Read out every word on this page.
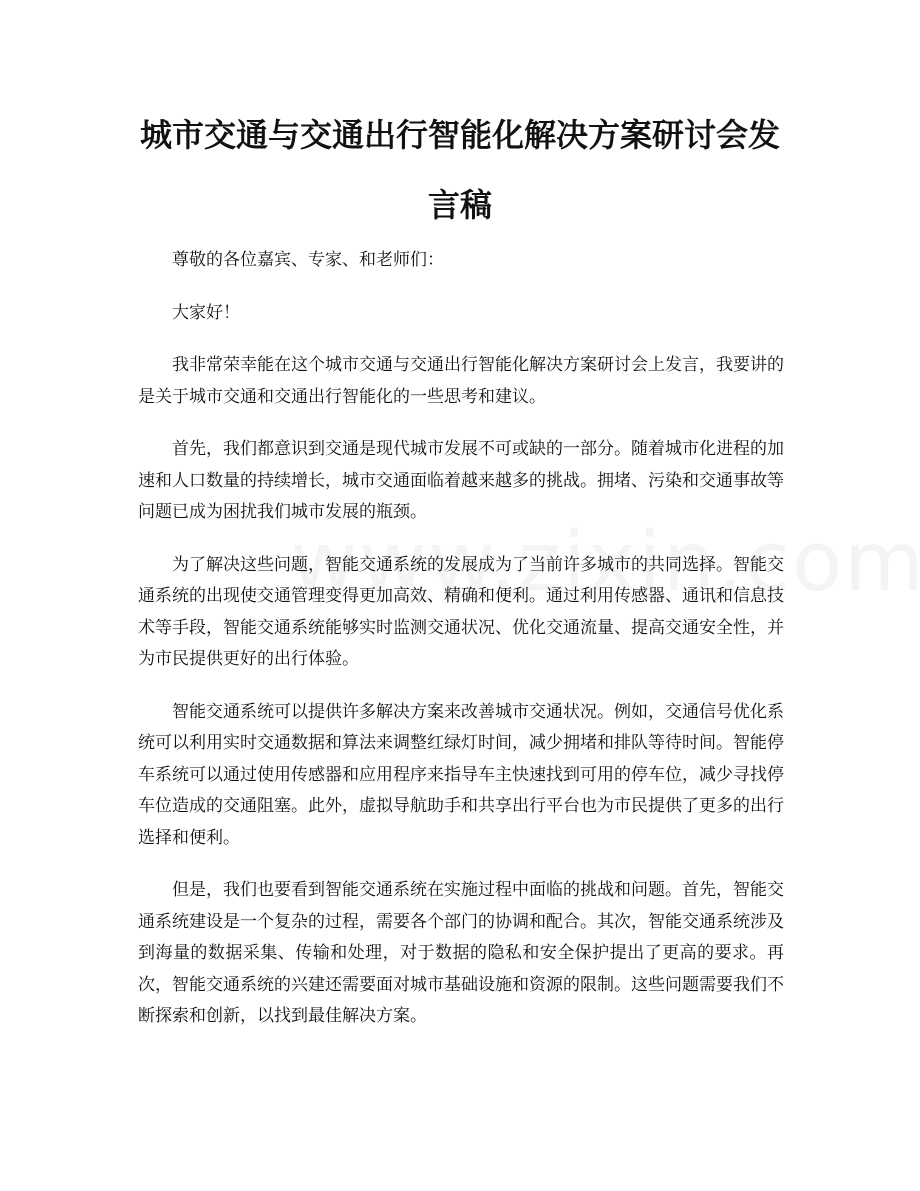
城市交通与交通出行智能化解决方案研讨会发言稿

尊敬的各位嘉宾、专家、和老师们：

大家好！

我非常荣幸能在这个城市交通与交通出行智能化解决方案研讨会上发言，我要讲的是关于城市交通和交通出行智能化的一些思考和建议。

首先，我们都意识到交通是现代城市发展不可或缺的一部分。随着城市化进程的加速和人口数量的持续增长，城市交通面临着越来越多的挑战。拥堵、污染和交通事故等问题已成为困扰我们城市发展的瓶颈。

为了解决这些问题，智能交通系统的发展成为了当前许多城市的共同选择。智能交通系统的出现使交通管理变得更加高效、精确和便利。通过利用传感器、通讯和信息技术等手段，智能交通系统能够实时监测交通状况、优化交通流量、提高交通安全性，并为市民提供更好的出行体验。

智能交通系统可以提供许多解决方案来改善城市交通状况。例如，交通信号优化系统可以利用实时交通数据和算法来调整红绿灯时间，减少拥堵和排队等待时间。智能停车系统可以通过使用传感器和应用程序来指导车主快速找到可用的停车位，减少寻找停车位造成的交通阻塞。此外，虚拟导航助手和共享出行平台也为市民提供了更多的出行选择和便利。

但是，我们也要看到智能交通系统在实施过程中面临的挑战和问题。首先，智能交通系统建设是一个复杂的过程，需要各个部门的协调和配合。其次，智能交通系统涉及到海量的数据采集、传输和处理，对于数据的隐私和安全保护提出了更高的要求。再次，智能交通系统的兴建还需要面对城市基础设施和资源的限制。这些问题需要我们不断探索和创新，以找到最佳解决方案。
